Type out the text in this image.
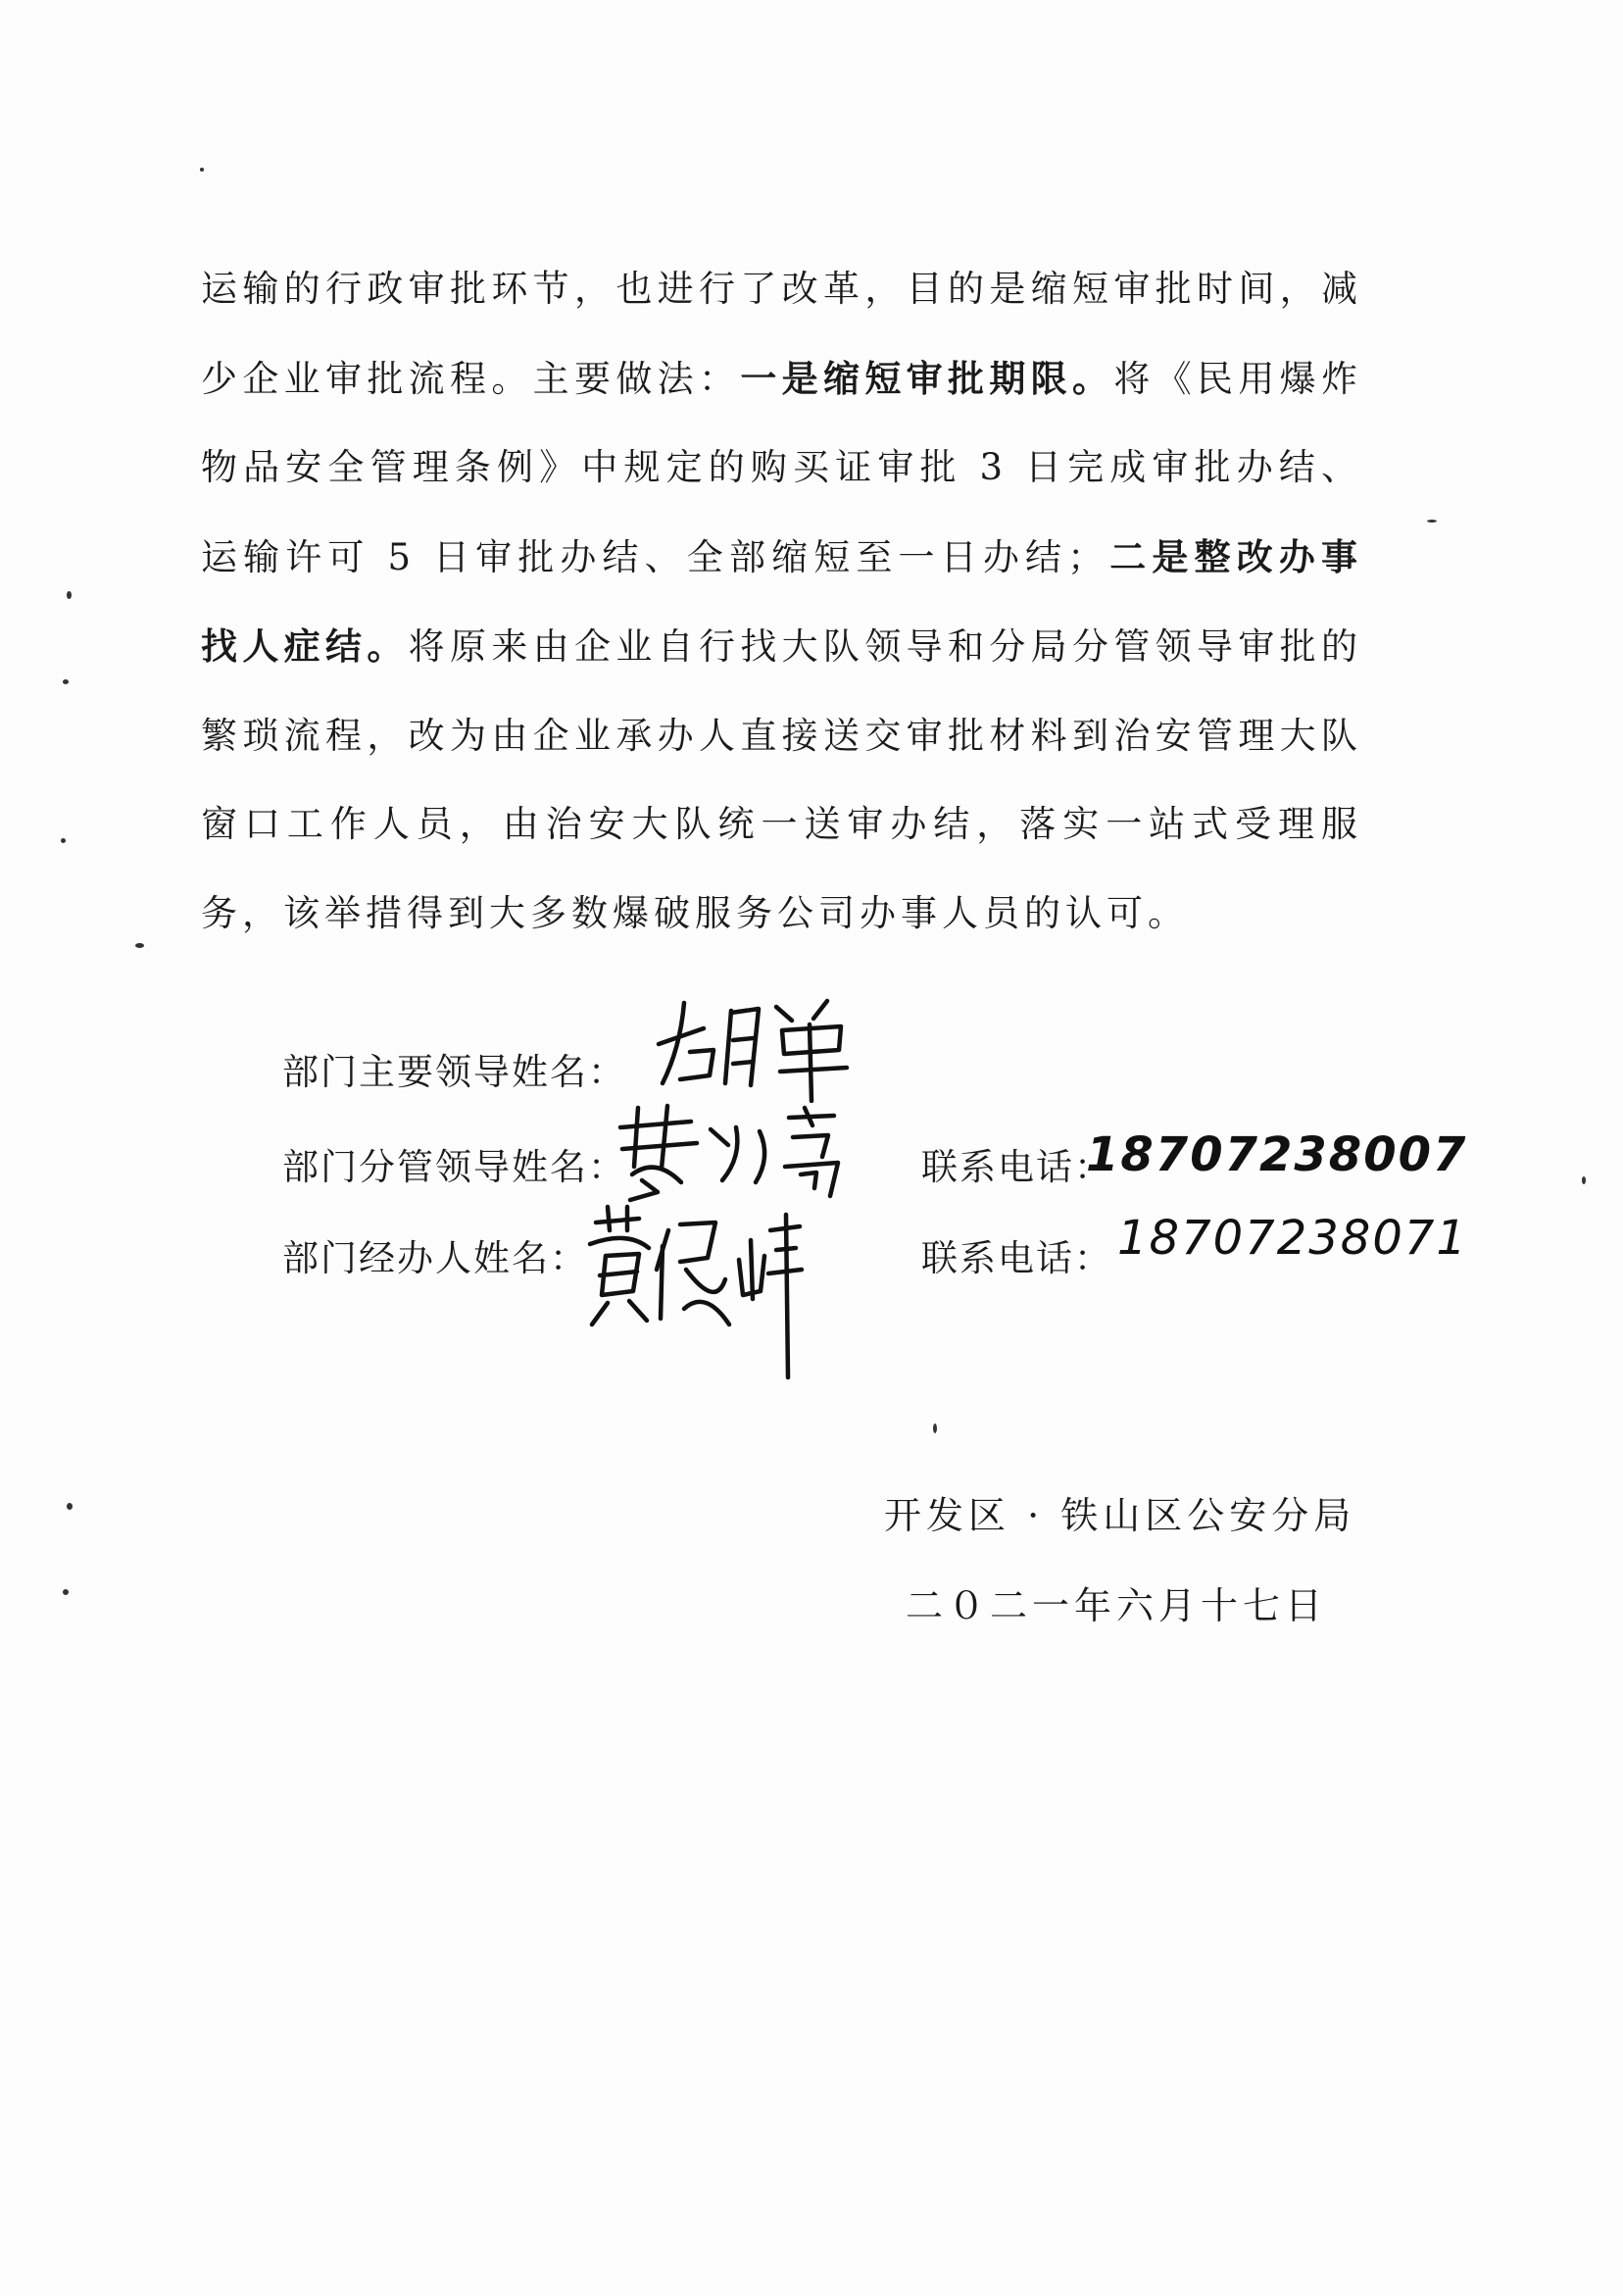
运输的行政审批环节，也进行了改革，目的是缩短审批时间，减少企业审批流程。主要做法：一是缩短审批期限。将《民用爆炸物品安全管理条例》中规定的购买证审批 3 日完成审批办结、运输许可 5 日审批办结、全部缩短至一日办结；二是整改办事找人症结。将原来由企业自行找大队领导和分局分管领导审批的繁琐流程，改为由企业承办人直接送交审批材料到治安管理大队窗口工作人员，由治安大队统一送审办结，落实一站式受理服务，该举措得到大多数爆破服务公司办事人员的认可。

部门主要领导姓名：
部门分管领导姓名：
部门经办人姓名：
联系电话：
18707238007
联系电话： 18707238071
开发区 · 铁山区公安分局
二０二一年六月十七日
